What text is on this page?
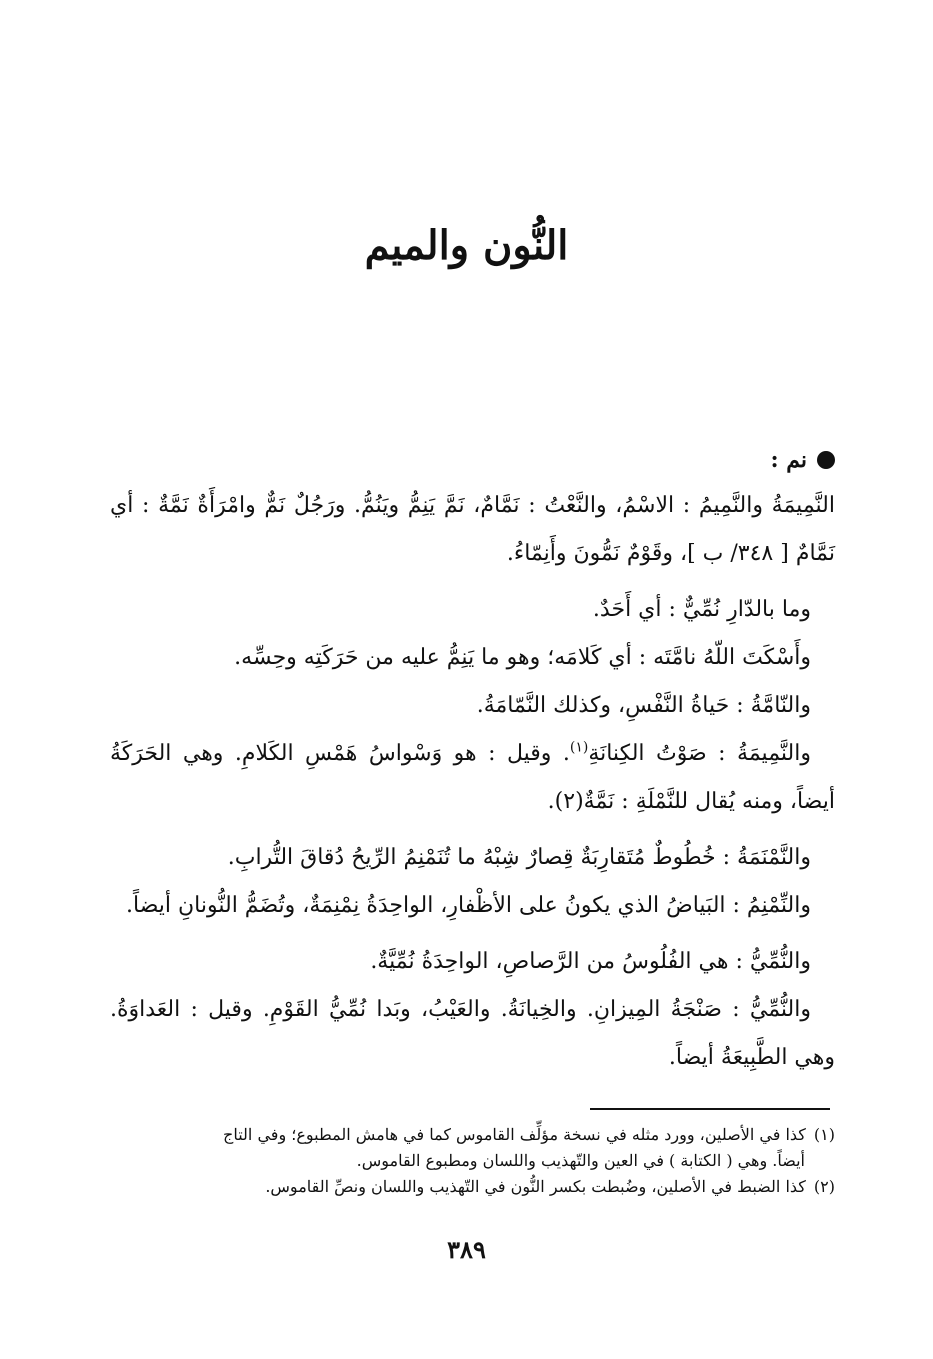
النُّون والميم
نم :

النَّمِيمَةُ والنَّمِيمُ : الاسْمُ، والنَّعْتُ : نَمَّامٌ، نَمَّ يَنِمُّ ويَنُمُّ. ورَجُلٌ نَمٌّ وامْرَأَةٌ نَمَّةٌ : أي نَمَّامٌ [ ٣٤٨/ ب ]، وقَوْمٌ نَمُّونَ وأَنِمّاءُ.

وما بالدّارِ نُمِّيٌّ : أي أَحَدٌ.

وأَسْكَتَ اللّهُ نامَّتَه : أي كَلامَه؛ وهو ما يَنِمُّ عليه من حَرَكَتِه وحِسِّه.

والنّامَّةُ : حَياةُ النَّفْسِ، وكذلك النَّمّامَةُ.

والنَّمِيمَةُ : صَوْتُ الكِنانَةِ$^{(١)}$. وقيل : هو وَسْواسُ هَمْسِ الكَلامِ. وهي الحَرَكَةُ أيضاً، ومنه يُقال للنَّمْلَةِ : نَمَّةٌ(٢).

والنَّمْنَمَةُ : خُطُوطٌ مُتَقارِبَةٌ قِصارٌ شِبْهُ ما تُنَمْنِمُ الرِّيحُ دُقاقَ التُّرابِ.

والنِّمْنِمُ : البَياضُ الذي يكونُ على الأظْفارِ، الواحِدَةُ نِمْنِمَةٌ، وتُضَمُّ النُّونانِ أيضاً.

والنُّمِّيُّ : هي الفُلُوسُ من الرَّصاصِ، الواحِدَةُ نُمِّيَّةٌ.

والنُّمِّيُّ : صَنْجَةُ المِيزانِ. والخِيانَةُ. والعَيْبُ، وبَدا نُمِّيُّ القَوْمِ. وقيل : العَداوَةُ. وهي الطَّبِيعَةُ أيضاً.

(١)كذا في الأصلين، وورد مثله في نسخة مؤلِّف القاموس كما في هامش المطبوع؛ وفي التاج
أيضاً. وهي ( الكتابة ) في العين والتّهذيب واللسان ومطبوع القاموس.

(٢)كذا الضبط في الأصلين، وضُبطت بكسر النُّون في التّهذيب واللسان ونصِّ القاموس.

٣٨٩
